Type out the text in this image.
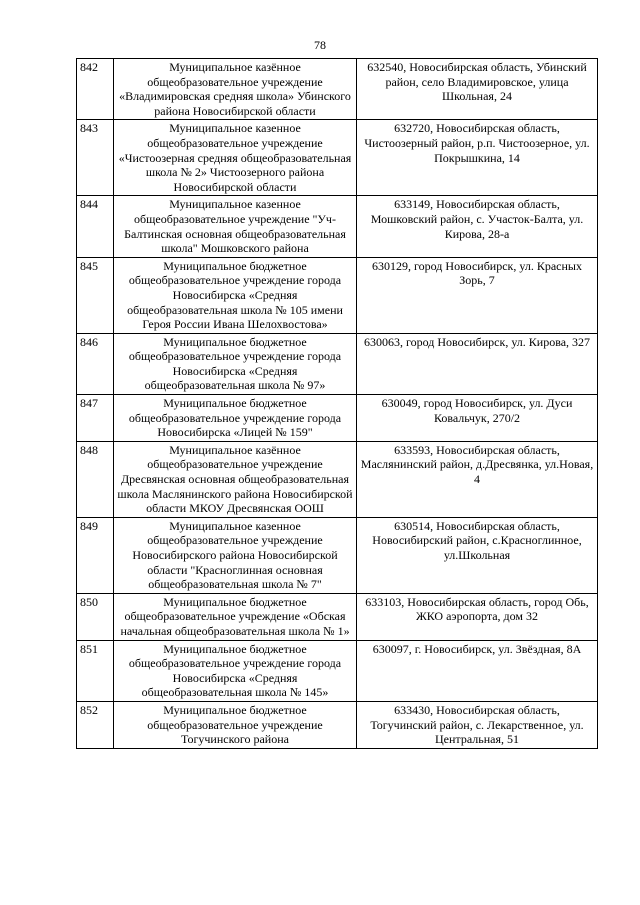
78
842	Муниципальное казённое общеобразовательное учреждение «Владимировская средняя школа» Убинского района Новосибирской области	632540, Новосибирская область, Убинский район, село Владимировское, улица Школьная, 24
843	Муниципальное казенное общеобразовательное учреждение «Чистоозерная средняя общеобразовательная школа № 2» Чистоозерного района Новосибирской области	632720, Новосибирская область, Чистоозерный район, р.п. Чистоозерное, ул. Покрышкина, 14
844	Муниципальное казенное общеобразовательное учреждение "Уч-Балтинская основная общеобразовательная школа" Мошковского района	633149, Новосибирская область, Мошковский район, с. Участок-Балта, ул. Кирова, 28-а
845	Муниципальное бюджетное общеобразовательное учреждение города Новосибирска «Средняя общеобразовательная школа № 105 имени Героя России Ивана Шелохвостова»	630129, город Новосибирск, ул. Красных Зорь, 7
846	Муниципальное бюджетное общеобразовательное учреждение города Новосибирска «Средняя общеобразовательная школа № 97»	630063, город Новосибирск, ул. Кирова, 327
847	Муниципальное бюджетное общеобразовательное учреждение города Новосибирска «Лицей № 159"	630049, город Новосибирск, ул. Дуси Ковальчук, 270/2
848	Муниципальное казённое общеобразовательное учреждение Дресвянская основная общеобразовательная школа Маслянинского района Новосибирской области МКОУ Дресвянская ООШ	633593, Новосибирская область, Маслянинский район, д.Дресвянка, ул.Новая, 4
849	Муниципальное казенное общеобразовательное учреждение Новосибирского района Новосибирской области "Красноглинная основная общеобразовательная школа № 7"	630514, Новосибирская область, Новосибирский район, с.Красноглинное, ул.Школьная
850	Муниципальное бюджетное общеобразовательное учреждение «Обская начальная общеобразовательная школа № 1»	633103, Новосибирская область, город Обь, ЖКО аэропорта, дом 32
851	Муниципальное бюджетное общеобразовательное учреждение города Новосибирска «Средняя общеобразовательная школа № 145»	630097, г. Новосибирск, ул. Звёздная, 8А
852	Муниципальное бюджетное общеобразовательное учреждение Тогучинского района	633430, Новосибирская область, Тогучинский район, с. Лекарственное, ул. Центральная, 51
